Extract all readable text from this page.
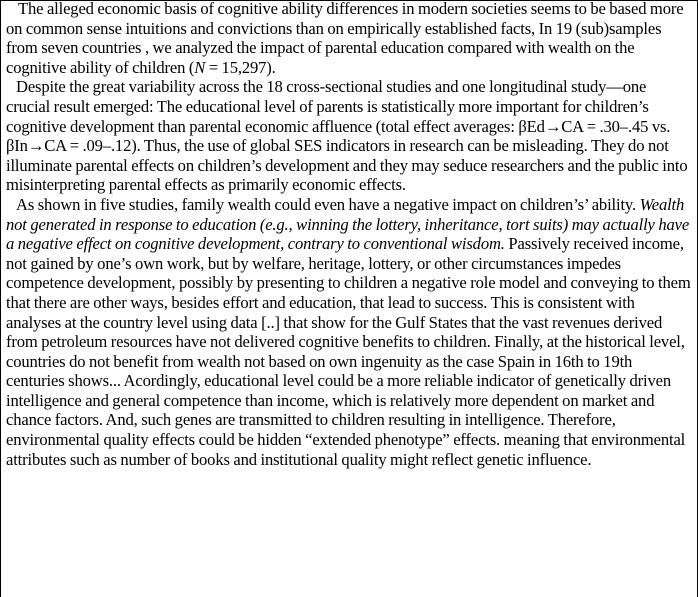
The alleged economic basis of cognitive ability differences in modern societies seems to be based more on common sense intuitions and convictions than on empirically established facts, In 19 (sub)samples from seven countries , we analyzed the impact of parental education compared with wealth on the cognitive ability of children (N = 15,297).

Despite the great variability across the 18 cross-sectional studies and one longitudinal study—one crucial result emerged: The educational level of parents is statistically more important for children’s cognitive development than parental economic affluence (total effect averages: βEd→CA = .30–.45 vs. βIn→CA = .09–.12). Thus, the use of global SES indicators in research can be misleading. They do not illuminate parental effects on children’s development and they may seduce researchers and the public into misinterpreting parental effects as primarily economic effects.

As shown in five studies, family wealth could even have a negative impact on children’s’ ability. Wealth not generated in response to education (e.g., winning the lottery, inheritance, tort suits) may actually have a negative effect on cognitive development, contrary to conventional wisdom. Passively received income, not gained by one’s own work, but by welfare, heritage, lottery, or other circumstances impedes competence development, possibly by presenting to children a negative role model and conveying to them that there are other ways, besides effort and education, that lead to success. This is consistent with analyses at the country level using data [..] that show for the Gulf States that the vast revenues derived from petroleum resources have not delivered cognitive benefits to children. Finally, at the historical level, countries do not benefit from wealth not based on own ingenuity as the case Spain in 16th to 19th centuries shows... Acordingly, educational level could be a more reliable indicator of genetically driven intelligence and general competence than income, which is relatively more dependent on market and chance factors. And, such genes are transmitted to children resulting in intelligence. Therefore, environmental quality effects could be hidden “extended phenotype” effects. meaning that environmental attributes such as number of books and institutional quality might reflect genetic influence.
